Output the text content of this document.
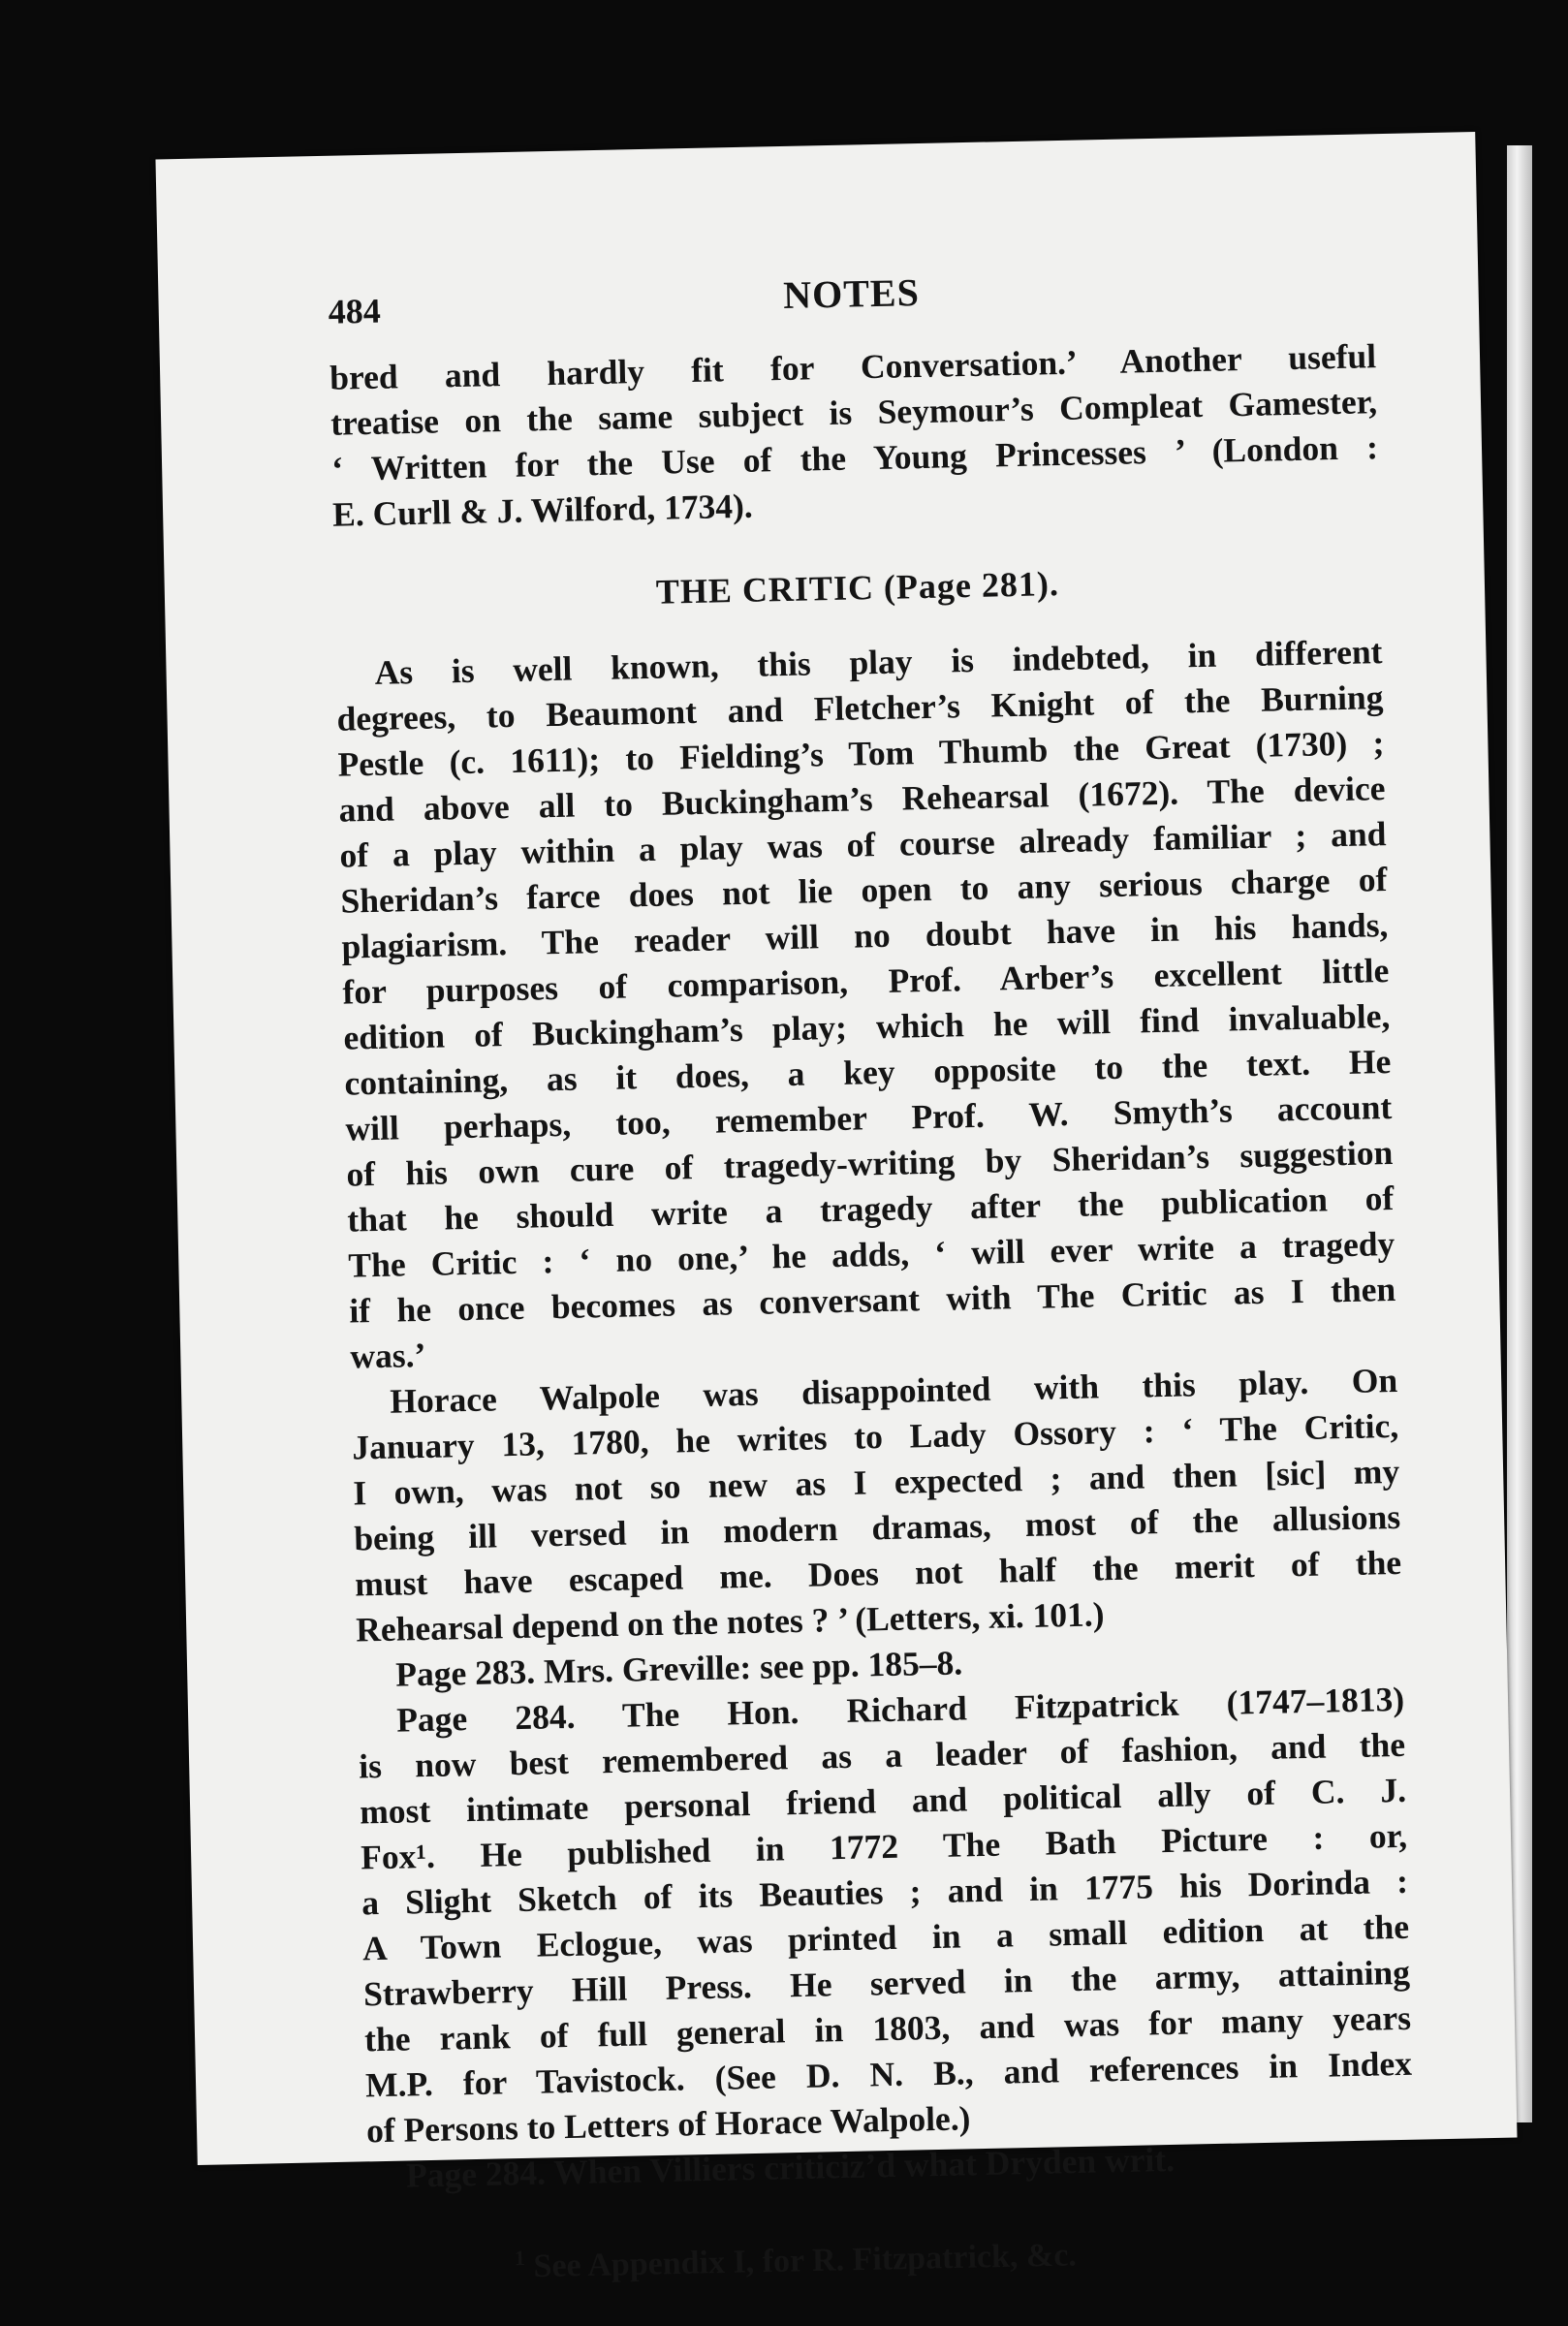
484	NOTES
bred and hardly fit for Conversation.’ Another useful
treatise on the same subject is Seymour’s Compleat Gamester,
‘ Written for the Use of the Young Princesses ’ (London :
E. Curll & J. Wilford, 1734).
THE CRITIC (Page 281).
As is well known, this play is indebted, in different
degrees, to Beaumont and Fletcher’s Knight of the Burning
Pestle (c. 1611); to Fielding’s Tom Thumb the Great (1730) ;
and above all to Buckingham’s Rehearsal (1672). The device
of a play within a play was of course already familiar ; and
Sheridan’s farce does not lie open to any serious charge of
plagiarism. The reader will no doubt have in his hands,
for purposes of comparison, Prof. Arber’s excellent little
edition of Buckingham’s play; which he will find invaluable,
containing, as it does, a key opposite to the text. He
will perhaps, too, remember Prof. W. Smyth’s account
of his own cure of tragedy-writing by Sheridan’s suggestion
that he should write a tragedy after the publication of
The Critic : ‘ no one,’ he adds, ‘ will ever write a tragedy
if he once becomes as conversant with The Critic as I then
was.’
Horace Walpole was disappointed with this play. On
January 13, 1780, he writes to Lady Ossory : ‘ The Critic,
I own, was not so new as I expected ; and then [sic] my
being ill versed in modern dramas, most of the allusions
must have escaped me. Does not half the merit of the
Rehearsal depend on the notes ? ’ (Letters, xi. 101.)
Page 283. Mrs. Greville: see pp. 185–8.
Page 284. The Hon. Richard Fitzpatrick (1747–1813)
is now best remembered as a leader of fashion, and the
most intimate personal friend and political ally of C. J.
Fox¹. He published in 1772 The Bath Picture : or,
a Slight Sketch of its Beauties ; and in 1775 his Dorinda :
A Town Eclogue, was printed in a small edition at the
Strawberry Hill Press. He served in the army, attaining
the rank of full general in 1803, and was for many years
M.P. for Tavistock. (See D. N. B., and references in Index
of Persons to Letters of Horace Walpole.)
Page 284. When Villiers criticiz’d what Dryden writ.
$^1$ See Appendix I, for R. Fitzpatrick, &c.
